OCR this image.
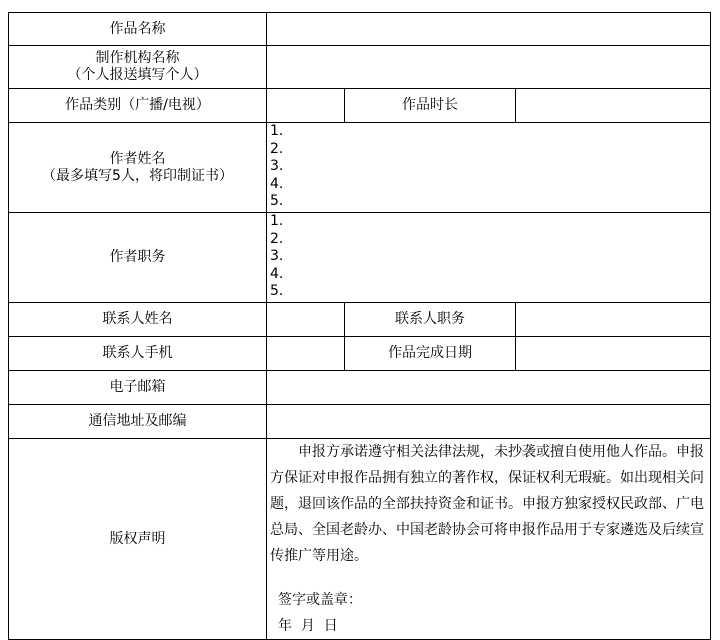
作品名称			

制作机构名称
（个人报送填写个人）			

作品类别（广播/电视）		作品时长	

作者姓名
（最多填写5人，将印制证书）	1.
2.
3.
4.
5.		

作者职务	1.
2.
3.
4.
5.		

联系人姓名		联系人职务	
联系人手机		作品完成日期	
电子邮箱			
通信地址及邮编			
版权声明	申报方承诺遵守相关法律法规，未抄袭或擅自使用他人作品。申报方保证对申报作品拥有独立的著作权，保证权利无瑕疵。如出现相关问题，退回该作品的全部扶持资金和证书。申报方独家授权民政部、广电总局、全国老龄办、中国老龄协会可将申报作品用于专家遴选及后续宣传推广等用途。
签字或盖章：
年  月  日		
